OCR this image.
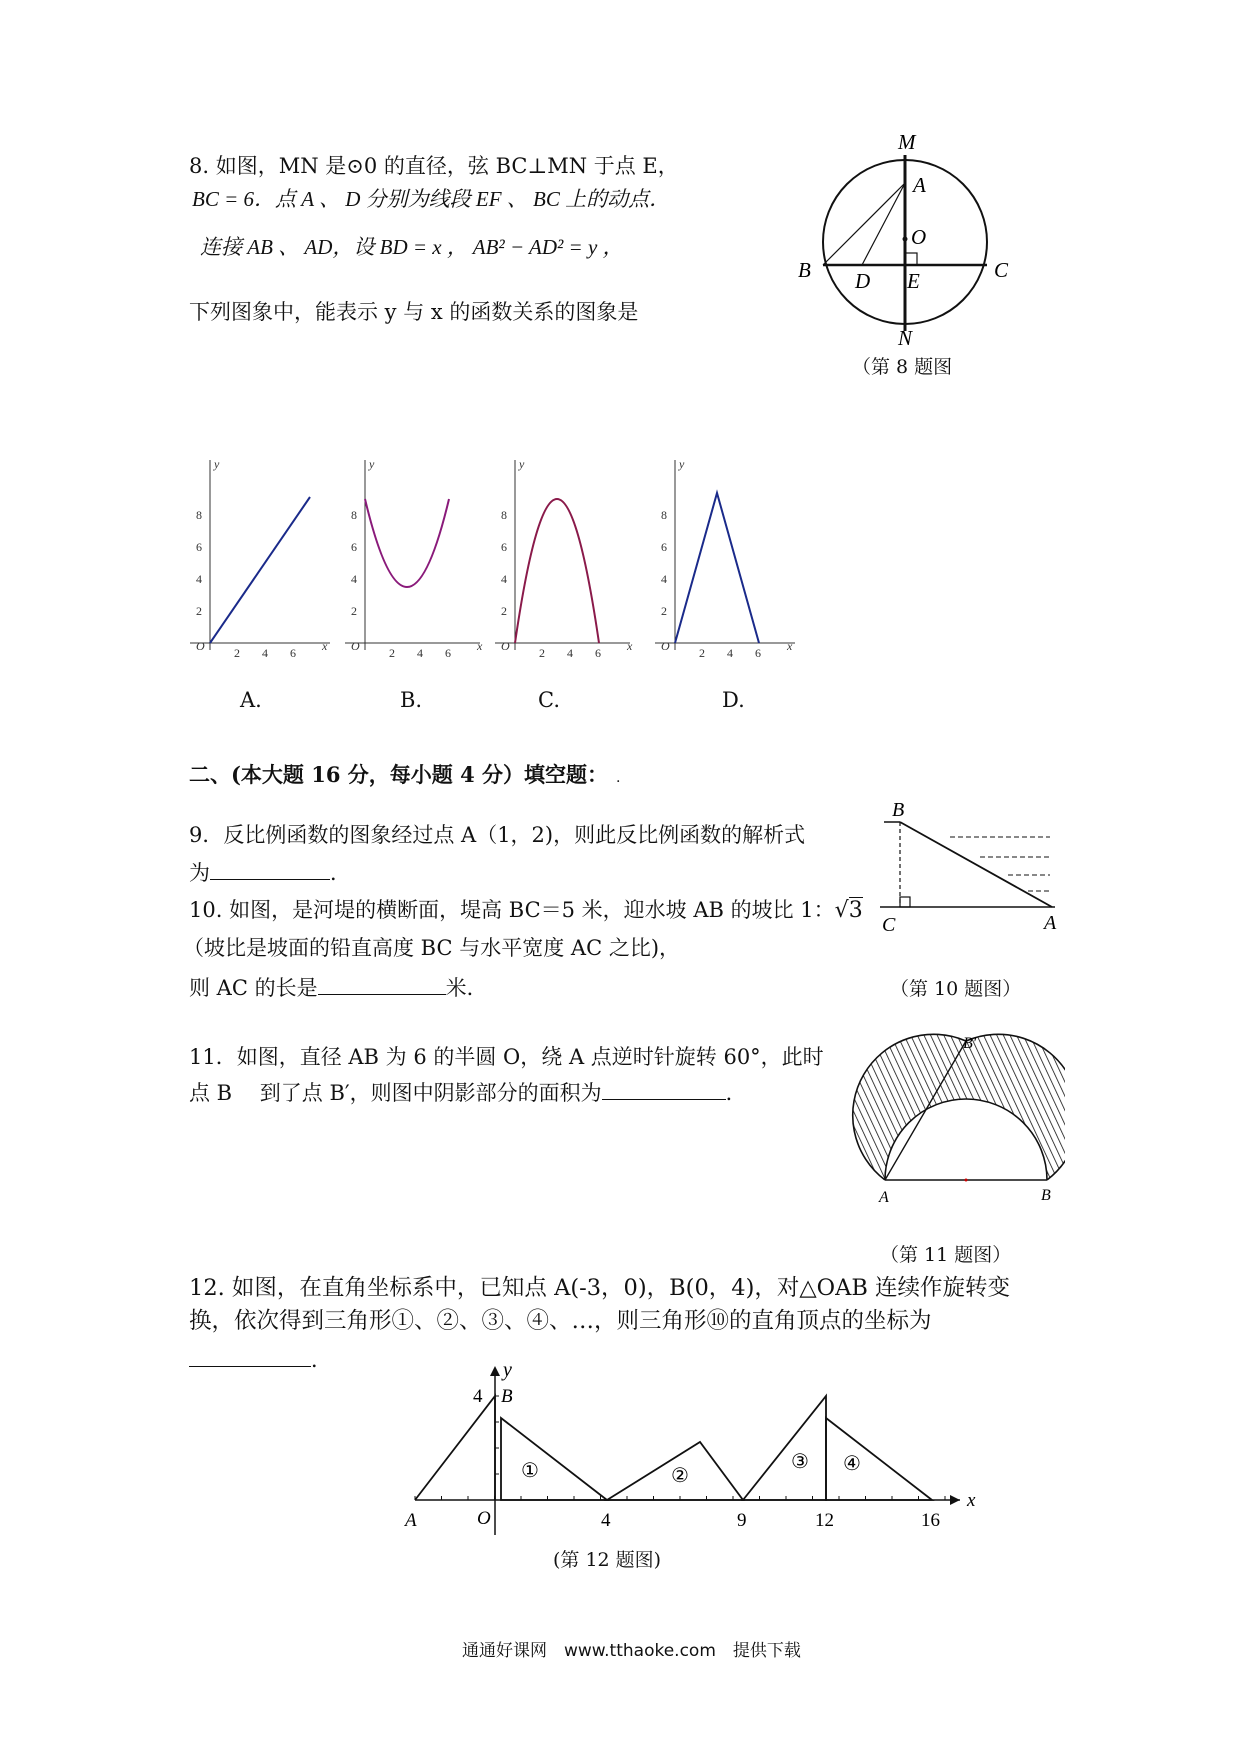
8. 如图，MN 是⊙0 的直径，弦 BC⊥MN 于点 E，
BC = 6．点 A 、 D 分别为线段 EF 、 BC 上的动点．
连接 AB 、 AD，设 BD = x ， AB² − AD² = y ，
下列图象中，能表示 y 与 x 的函数关系的图象是
M
A
O
B D E	C
N
（第 8 题图
y
x
O
2
4
6
8
2 4 6
y
x
O
2
4
6
8
2 4 6
y
x
O
2
4
6
8
2 4 6
y
x
O
2
4
6
8
2 4 6
A.	B.	C.	D.
二、(本大题 16 分，每小题 4 分）填空题： .
9．反比例函数的图象经过点 A（1，2)，则此反比例函数的解析式
为	．
10. 如图，是河堤的横断面，堤高 BC＝5 米，迎水坡 AB 的坡比 1：√3
（坡比是坡面的铅直高度 BC 与水平宽度 AC 之比)，
则 AC 的长是	米．
B
C	A
（第 10 题图）
11．如图，直径 AB 为 6 的半圆 O，绕 A 点逆时针旋转 60°，此时
点 B　 到了点 B′，则图中阴影部分的面积为	．
A	B
B′
（第 11 题图）
12. 如图，在直角坐标系中，已知点 A(-3，0)，B(0，4)，对△OAB 连续作旋转变
换，依次得到三角形①、②、③、④、…，则三角形⑩的直角顶点的坐标为
．	y
4 B
A	O
x
4	9	12	16
①	②
③ ④
(第 12 题图)
通通好课网　www.tthaoke.com　提供下载
